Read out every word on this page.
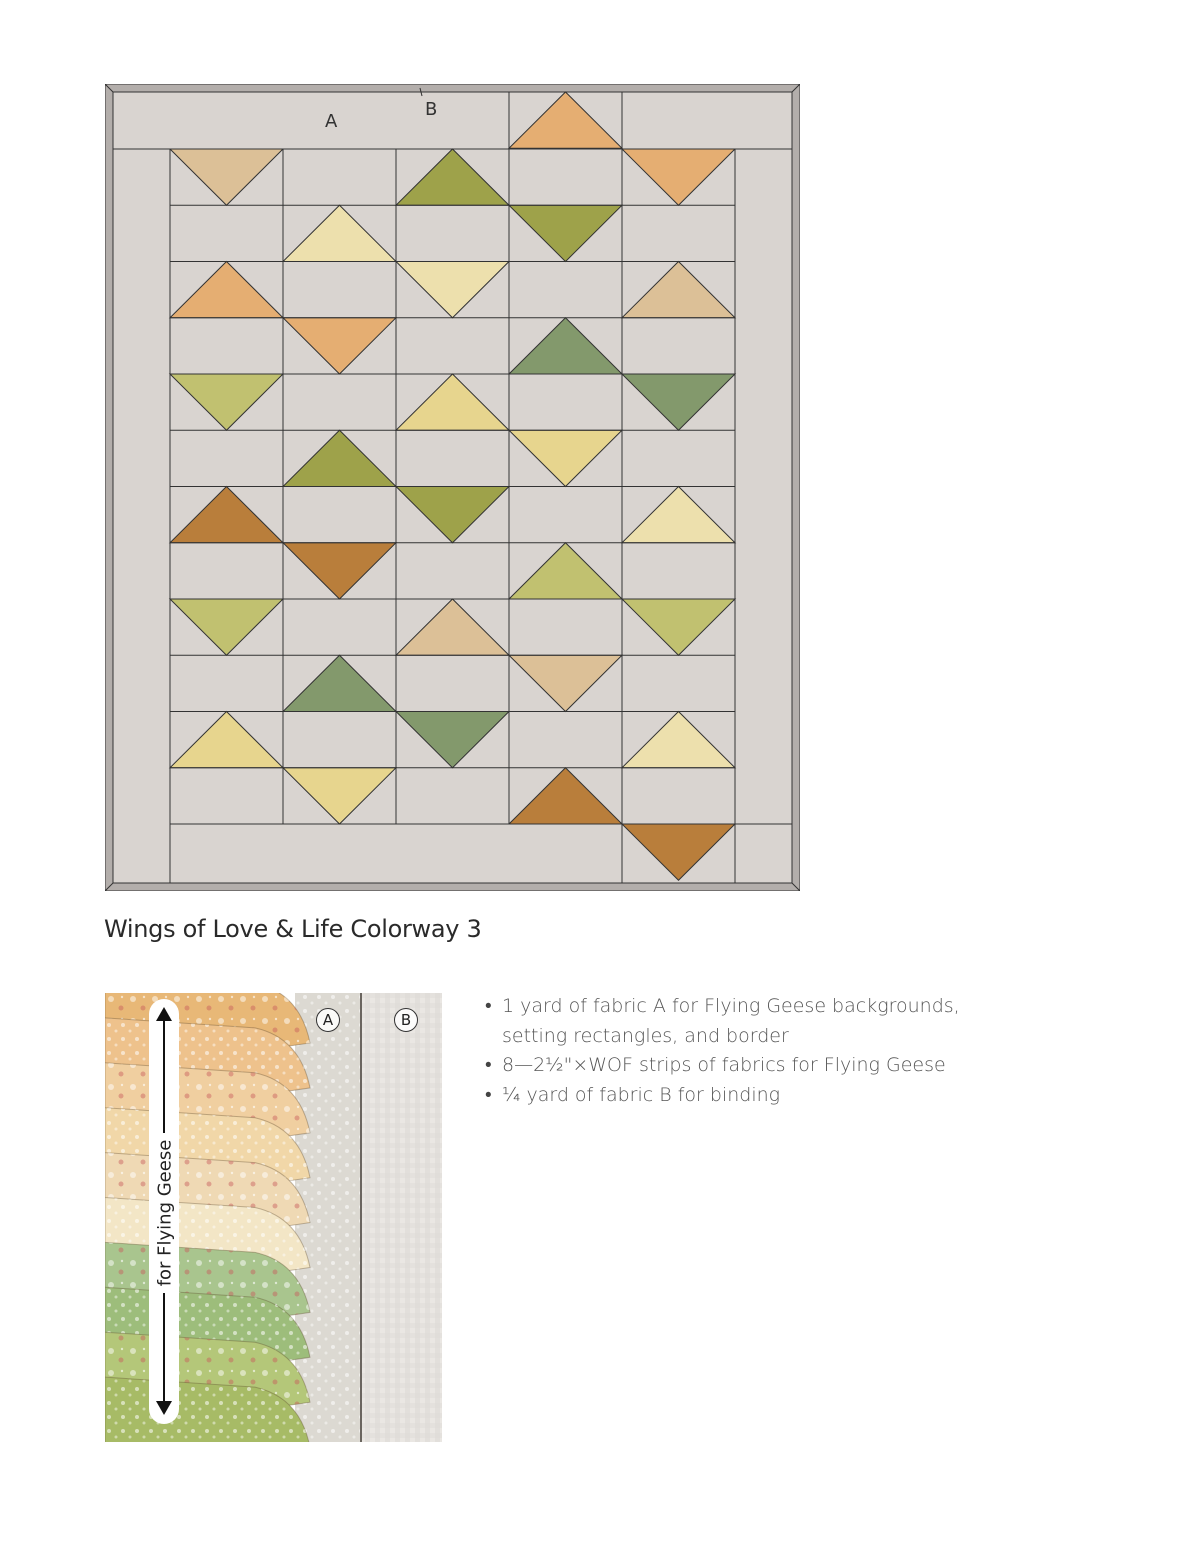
A
B
Wings of Love & Life Colorway 3
A	B
for Flying Geese
• 1 yard of fabric A for Flying Geese backgrounds,
setting rectangles, and border
• 8—2½"×WOF strips of fabrics for Flying Geese
• ¼ yard of fabric B for binding
